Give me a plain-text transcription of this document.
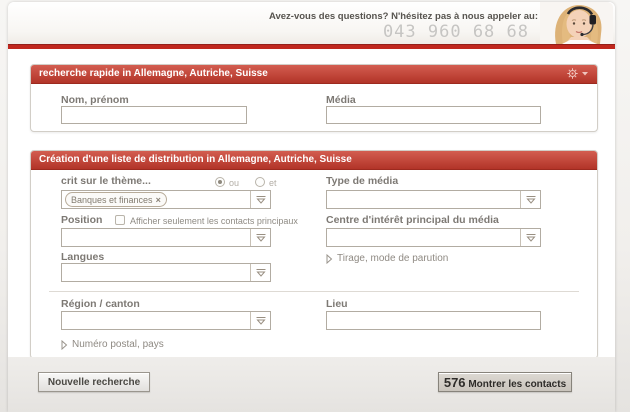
Avez-vous des questions? N'hésitez pas à nous appeler au:
043 960 68 68
recherche rapide in Allemagne, Autriche, Suisse
Nom, prénom	Média
Création d'une liste de distribution in Allemagne, Autriche, Suisse
crit sur le thème...	ou	et
Banques et finances ×
Type de média
Position	Afficher seulement les contacts principaux	Centre d'intérêt principal du média
Langues	Tirage, mode de parution
Région / canton	Lieu
Numéro postal, pays
Nouvelle recherche	576 Montrer les contacts
